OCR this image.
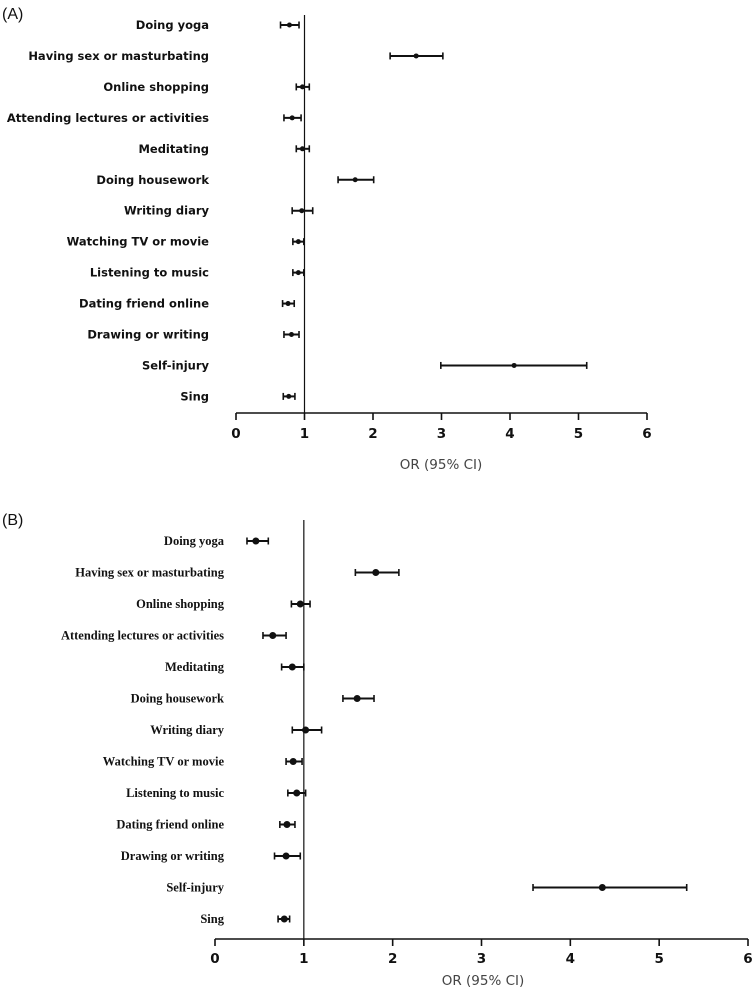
(A)
OR (95% CI)
0	1	2	3	4	5	6
Doing yoga
Having sex or masturbating
Online shopping
Attending lectures or activities
Meditating
Doing housework
Writing diary
Watching TV or movie
Listening to music
Dating friend online
Drawing or writing
Self-injury
Sing
(B)
OR (95% CI)
0	1	2	3	4	5	6
Doing yoga
Having sex or masturbating
Online shopping
Attending lectures or activities
Meditating
Doing housework
Writing diary
Watching TV or movie
Listening to music
Dating friend online
Drawing or writing
Self-injury
Sing
